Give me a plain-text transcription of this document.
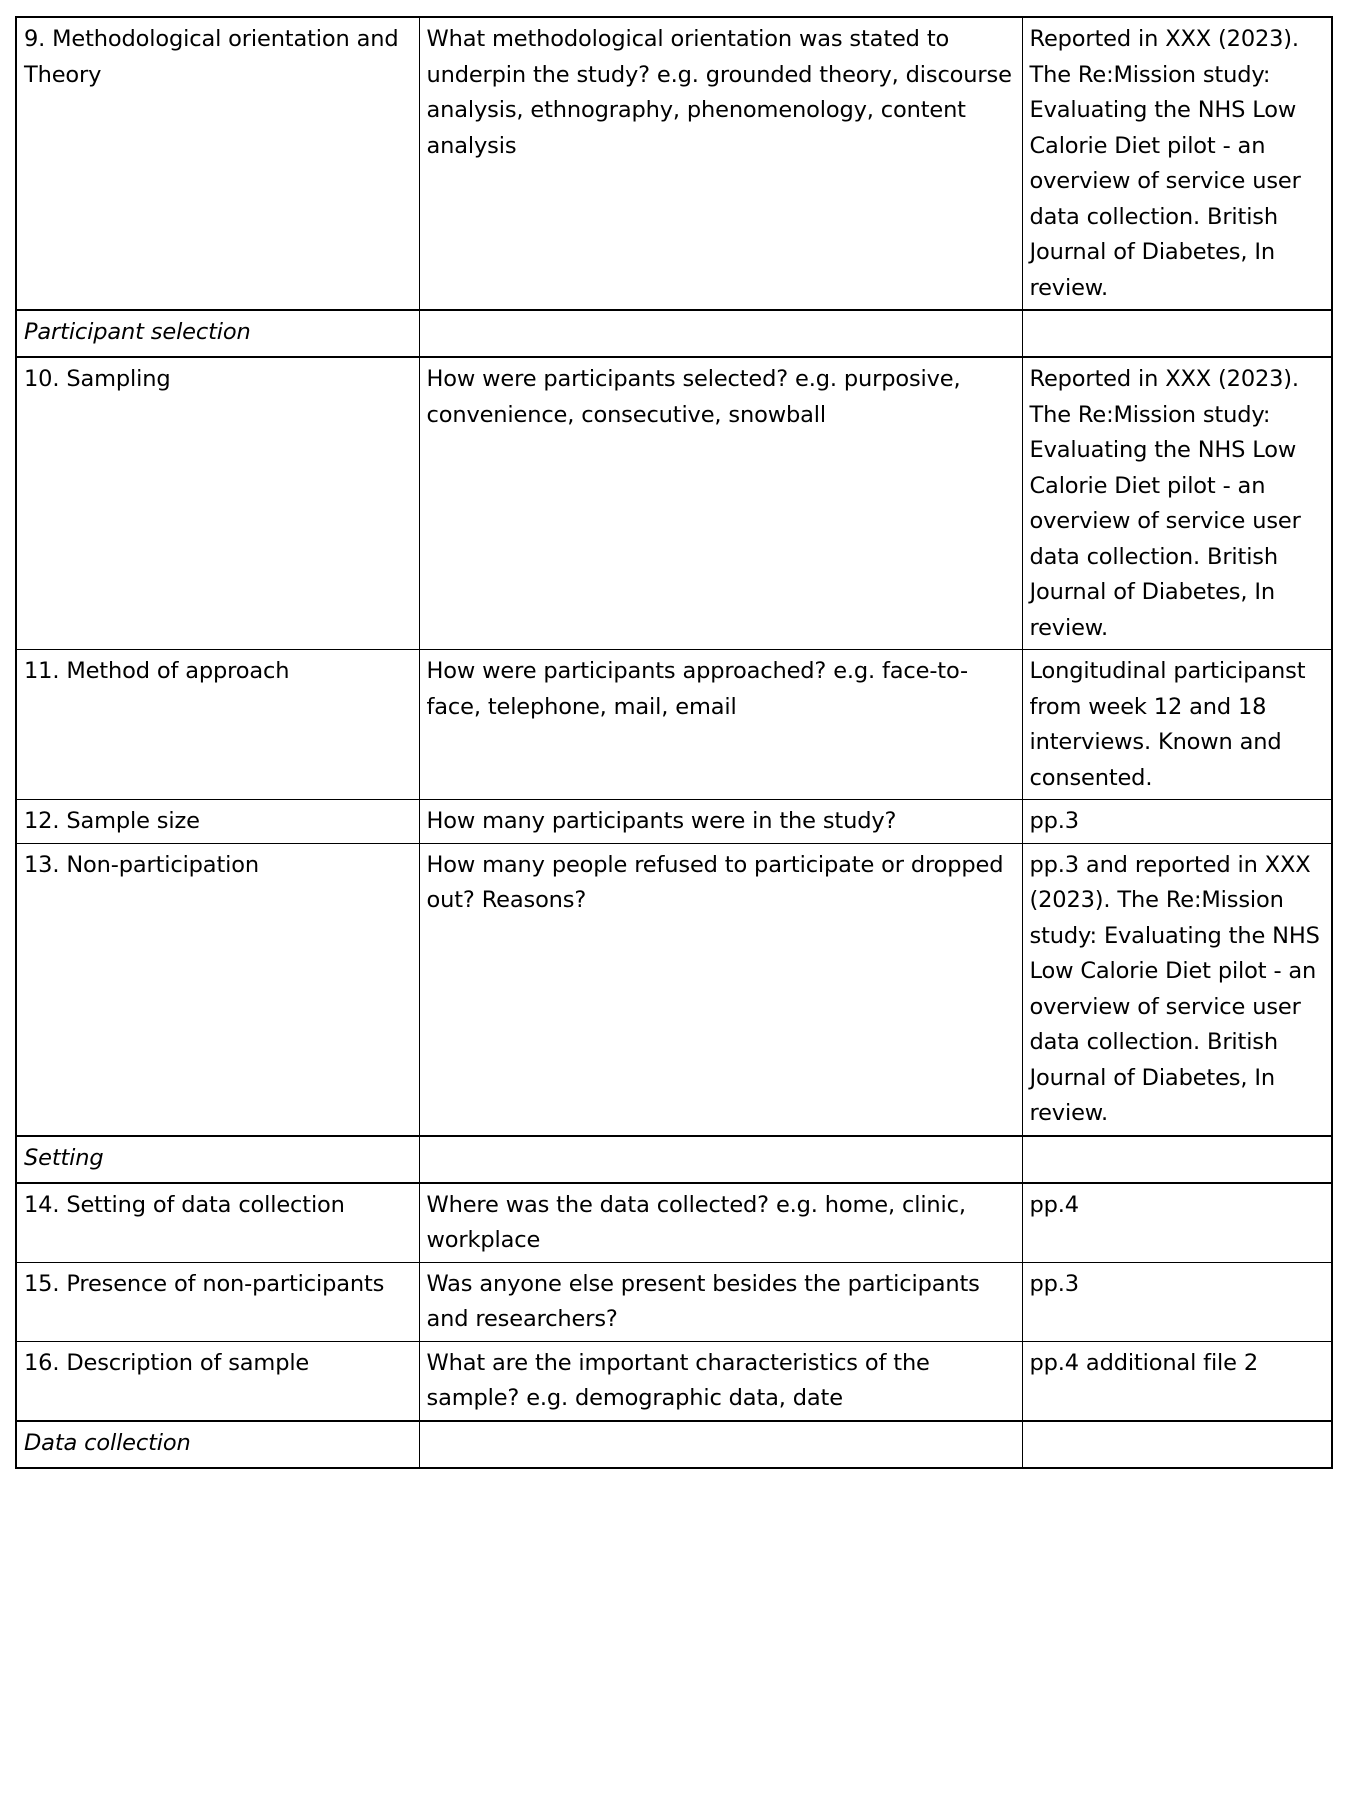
9. Methodological orientation and Theory	What methodological orientation was stated to underpin the study? e.g. grounded theory, discourse analysis, ethnography, phenomenology, content analysis	Reported in XXX (2023). The Re:Mission study: Evaluating the NHS Low Calorie Diet pilot - an overview of service user data collection. British Journal of Diabetes, In review.
Participant selection		
10. Sampling	How were participants selected? e.g. purposive, convenience, consecutive, snowball	Reported in XXX (2023). The Re:Mission study: Evaluating the NHS Low Calorie Diet pilot - an overview of service user data collection. British Journal of Diabetes, In review.
11. Method of approach	How were participants approached? e.g. face-to-face, telephone, mail, email	Longitudinal participanst from week 12 and 18 interviews. Known and consented.
12. Sample size	How many participants were in the study?	pp.3
13. Non-participation	How many people refused to participate or dropped out? Reasons?	pp.3 and reported in XXX (2023). The Re:Mission study: Evaluating the NHS Low Calorie Diet pilot - an overview of service user data collection. British Journal of Diabetes, In review.
Setting		
14. Setting of data collection	Where was the data collected? e.g. home, clinic, workplace	pp.4
15. Presence of non-participants	Was anyone else present besides the participants and researchers?	pp.3
16. Description of sample	What are the important characteristics of the sample? e.g. demographic data, date	pp.4 additional file 2
Data collection		
